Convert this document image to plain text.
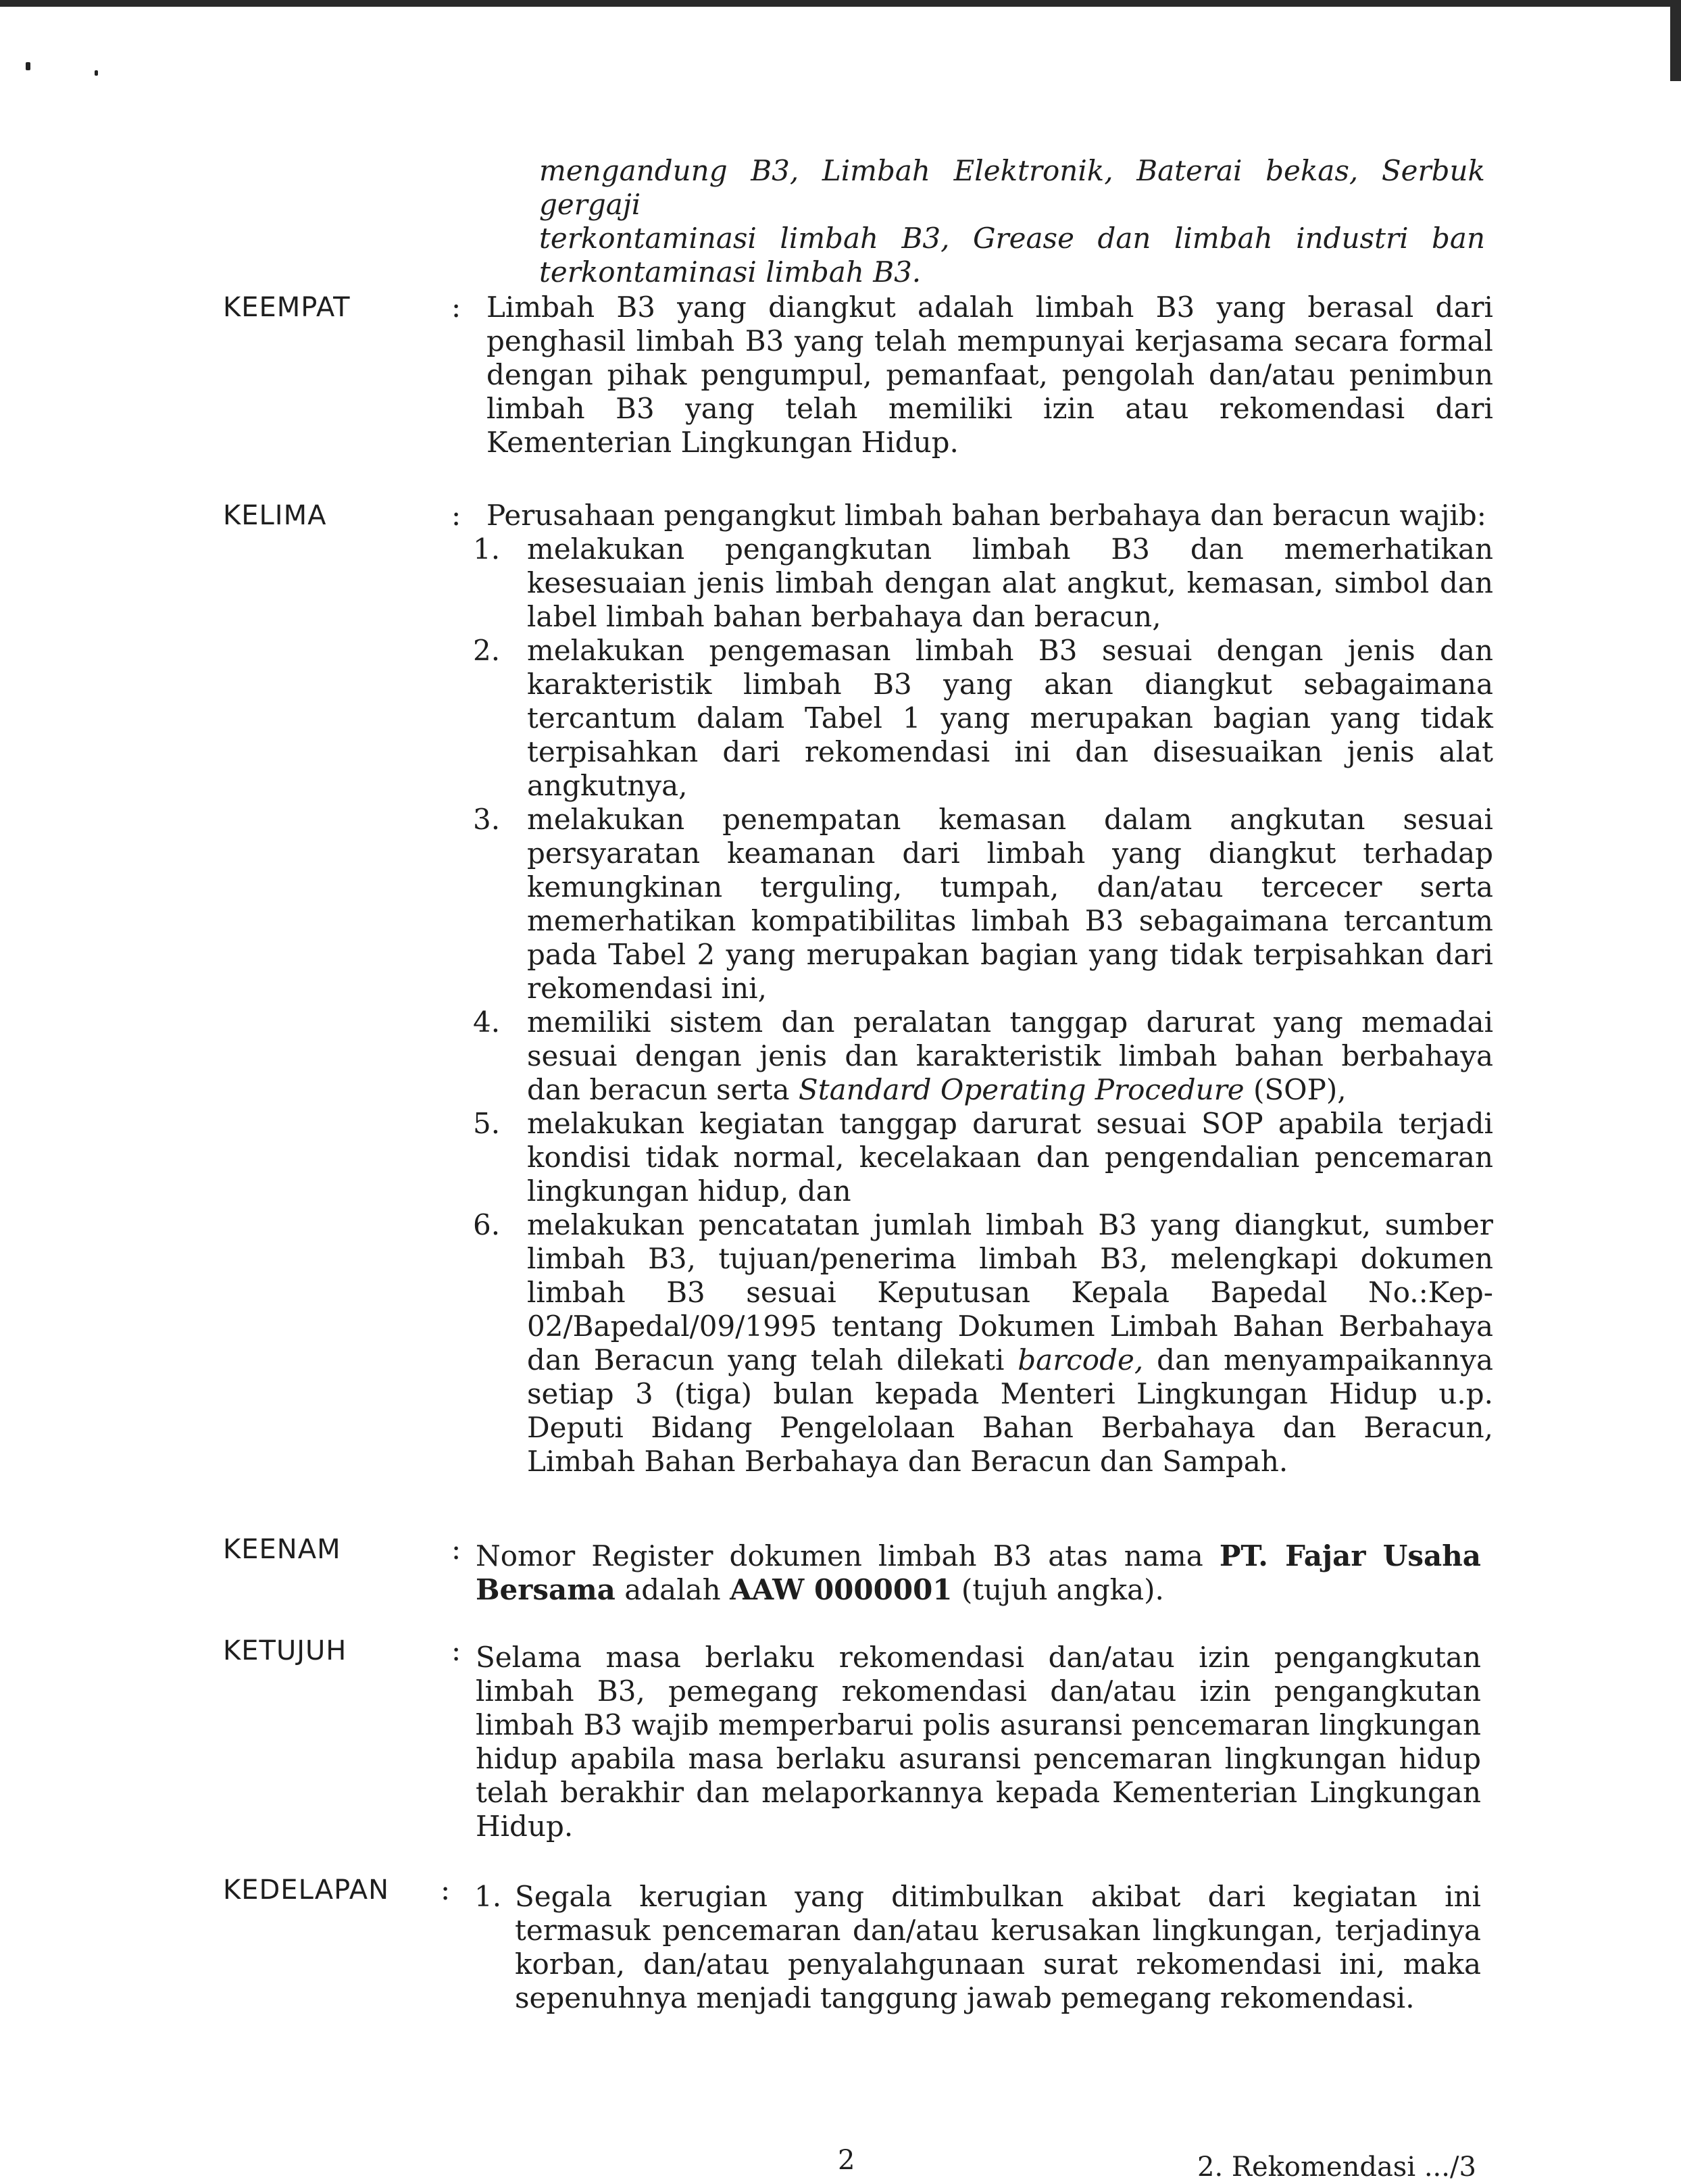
mengandung B3, Limbah Elektronik, Baterai bekas, Serbuk gergaji
terkontaminasi limbah B3, Grease dan limbah industri ban
terkontaminasi limbah B3.
KEEMPAT	: Limbah B3 yang diangkut adalah limbah B3 yang berasal dari penghasil limbah B3 yang telah mempunyai kerjasama secara formal dengan pihak pengumpul, pemanfaat, pengolah dan/atau penimbun limbah B3 yang telah memiliki izin atau rekomendasi dari Kementerian Lingkungan Hidup.
KELIMA	: Perusahaan pengangkut limbah bahan berbahaya dan beracun wajib:
1. melakukan pengangkutan limbah B3 dan memerhatikan kesesuaian jenis limbah dengan alat angkut, kemasan, simbol dan label limbah bahan berbahaya dan beracun,
2. melakukan pengemasan limbah B3 sesuai dengan jenis dan karakteristik limbah B3 yang akan diangkut sebagaimana tercantum dalam Tabel 1 yang merupakan bagian yang tidak terpisahkan dari rekomendasi ini dan disesuaikan jenis alat angkutnya,
3. melakukan penempatan kemasan dalam angkutan sesuai persyaratan keamanan dari limbah yang diangkut terhadap kemungkinan terguling, tumpah, dan/atau tercecer serta memerhatikan kompatibilitas limbah B3 sebagaimana tercantum pada Tabel 2 yang merupakan bagian yang tidak terpisahkan dari rekomendasi ini,
4. memiliki sistem dan peralatan tanggap darurat yang memadai sesuai dengan jenis dan karakteristik limbah bahan berbahaya dan beracun serta Standard Operating Procedure (SOP),
5. melakukan kegiatan tanggap darurat sesuai SOP apabila terjadi kondisi tidak normal, kecelakaan dan pengendalian pencemaran lingkungan hidup, dan
6. melakukan pencatatan jumlah limbah B3 yang diangkut, sumber limbah B3, tujuan/penerima limbah B3, melengkapi dokumen limbah B3 sesuai Keputusan Kepala Bapedal No.:Kep-02/Bapedal/09/1995 tentang Dokumen Limbah Bahan Berbahaya dan Beracun yang telah dilekati barcode, dan menyampaikannya setiap 3 (tiga) bulan kepada Menteri Lingkungan Hidup u.p. Deputi Bidang Pengelolaan Bahan Berbahaya dan Beracun, Limbah Bahan Berbahaya dan Beracun dan Sampah.
KEENAM	: Nomor Register dokumen limbah B3 atas nama PT. Fajar Usaha Bersama adalah AAW 0000001 (tujuh angka).
KETUJUH	: Selama masa berlaku rekomendasi dan/atau izin pengangkutan limbah B3, pemegang rekomendasi dan/atau izin pengangkutan limbah B3 wajib memperbarui polis asuransi pencemaran lingkungan hidup apabila masa berlaku asuransi pencemaran lingkungan hidup telah berakhir dan melaporkannya kepada Kementerian Lingkungan Hidup.
KEDELAPAN : 1. Segala kerugian yang ditimbulkan akibat dari kegiatan ini termasuk pencemaran dan/atau kerusakan lingkungan, terjadinya korban, dan/atau penyalahgunaan surat rekomendasi ini, maka sepenuhnya menjadi tanggung jawab pemegang rekomendasi.
2	2. Rekomendasi .../3
